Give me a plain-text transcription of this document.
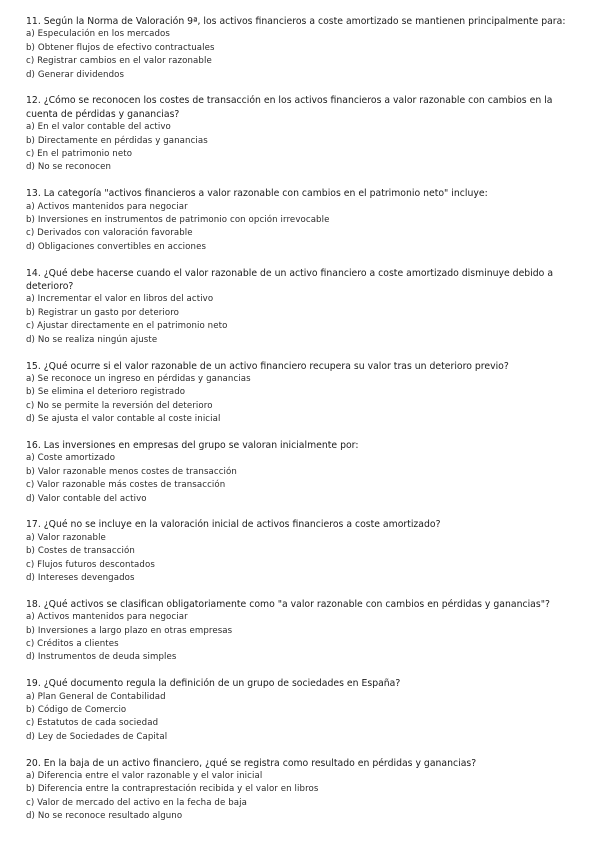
11. Según la Norma de Valoración 9ª, los activos financieros a coste amortizado se mantienen principalmente para:

a) Especulación en los mercados

b) Obtener flujos de efectivo contractuales

c) Registrar cambios en el valor razonable

d) Generar dividendos

12. ¿Cómo se reconocen los costes de transacción en los activos financieros a valor razonable con cambios en la cuenta de pérdidas y ganancias?

a) En el valor contable del activo

b) Directamente en pérdidas y ganancias

c) En el patrimonio neto

d) No se reconocen

13. La categoría "activos financieros a valor razonable con cambios en el patrimonio neto" incluye:

a) Activos mantenidos para negociar

b) Inversiones en instrumentos de patrimonio con opción irrevocable

c) Derivados con valoración favorable

d) Obligaciones convertibles en acciones

14. ¿Qué debe hacerse cuando el valor razonable de un activo financiero a coste amortizado disminuye debido a deterioro?

a) Incrementar el valor en libros del activo

b) Registrar un gasto por deterioro

c) Ajustar directamente en el patrimonio neto

d) No se realiza ningún ajuste

15. ¿Qué ocurre si el valor razonable de un activo financiero recupera su valor tras un deterioro previo?

a) Se reconoce un ingreso en pérdidas y ganancias

b) Se elimina el deterioro registrado

c) No se permite la reversión del deterioro

d) Se ajusta el valor contable al coste inicial

16. Las inversiones en empresas del grupo se valoran inicialmente por:

a) Coste amortizado

b) Valor razonable menos costes de transacción

c) Valor razonable más costes de transacción

d) Valor contable del activo

17. ¿Qué no se incluye en la valoración inicial de activos financieros a coste amortizado?

a) Valor razonable

b) Costes de transacción

c) Flujos futuros descontados

d) Intereses devengados

18. ¿Qué activos se clasifican obligatoriamente como "a valor razonable con cambios en pérdidas y ganancias"?

a) Activos mantenidos para negociar

b) Inversiones a largo plazo en otras empresas

c) Créditos a clientes

d) Instrumentos de deuda simples

19. ¿Qué documento regula la definición de un grupo de sociedades en España?

a) Plan General de Contabilidad

b) Código de Comercio

c) Estatutos de cada sociedad

d) Ley de Sociedades de Capital

20. En la baja de un activo financiero, ¿qué se registra como resultado en pérdidas y ganancias?

a) Diferencia entre el valor razonable y el valor inicial

b) Diferencia entre la contraprestación recibida y el valor en libros

c) Valor de mercado del activo en la fecha de baja

d) No se reconoce resultado alguno
